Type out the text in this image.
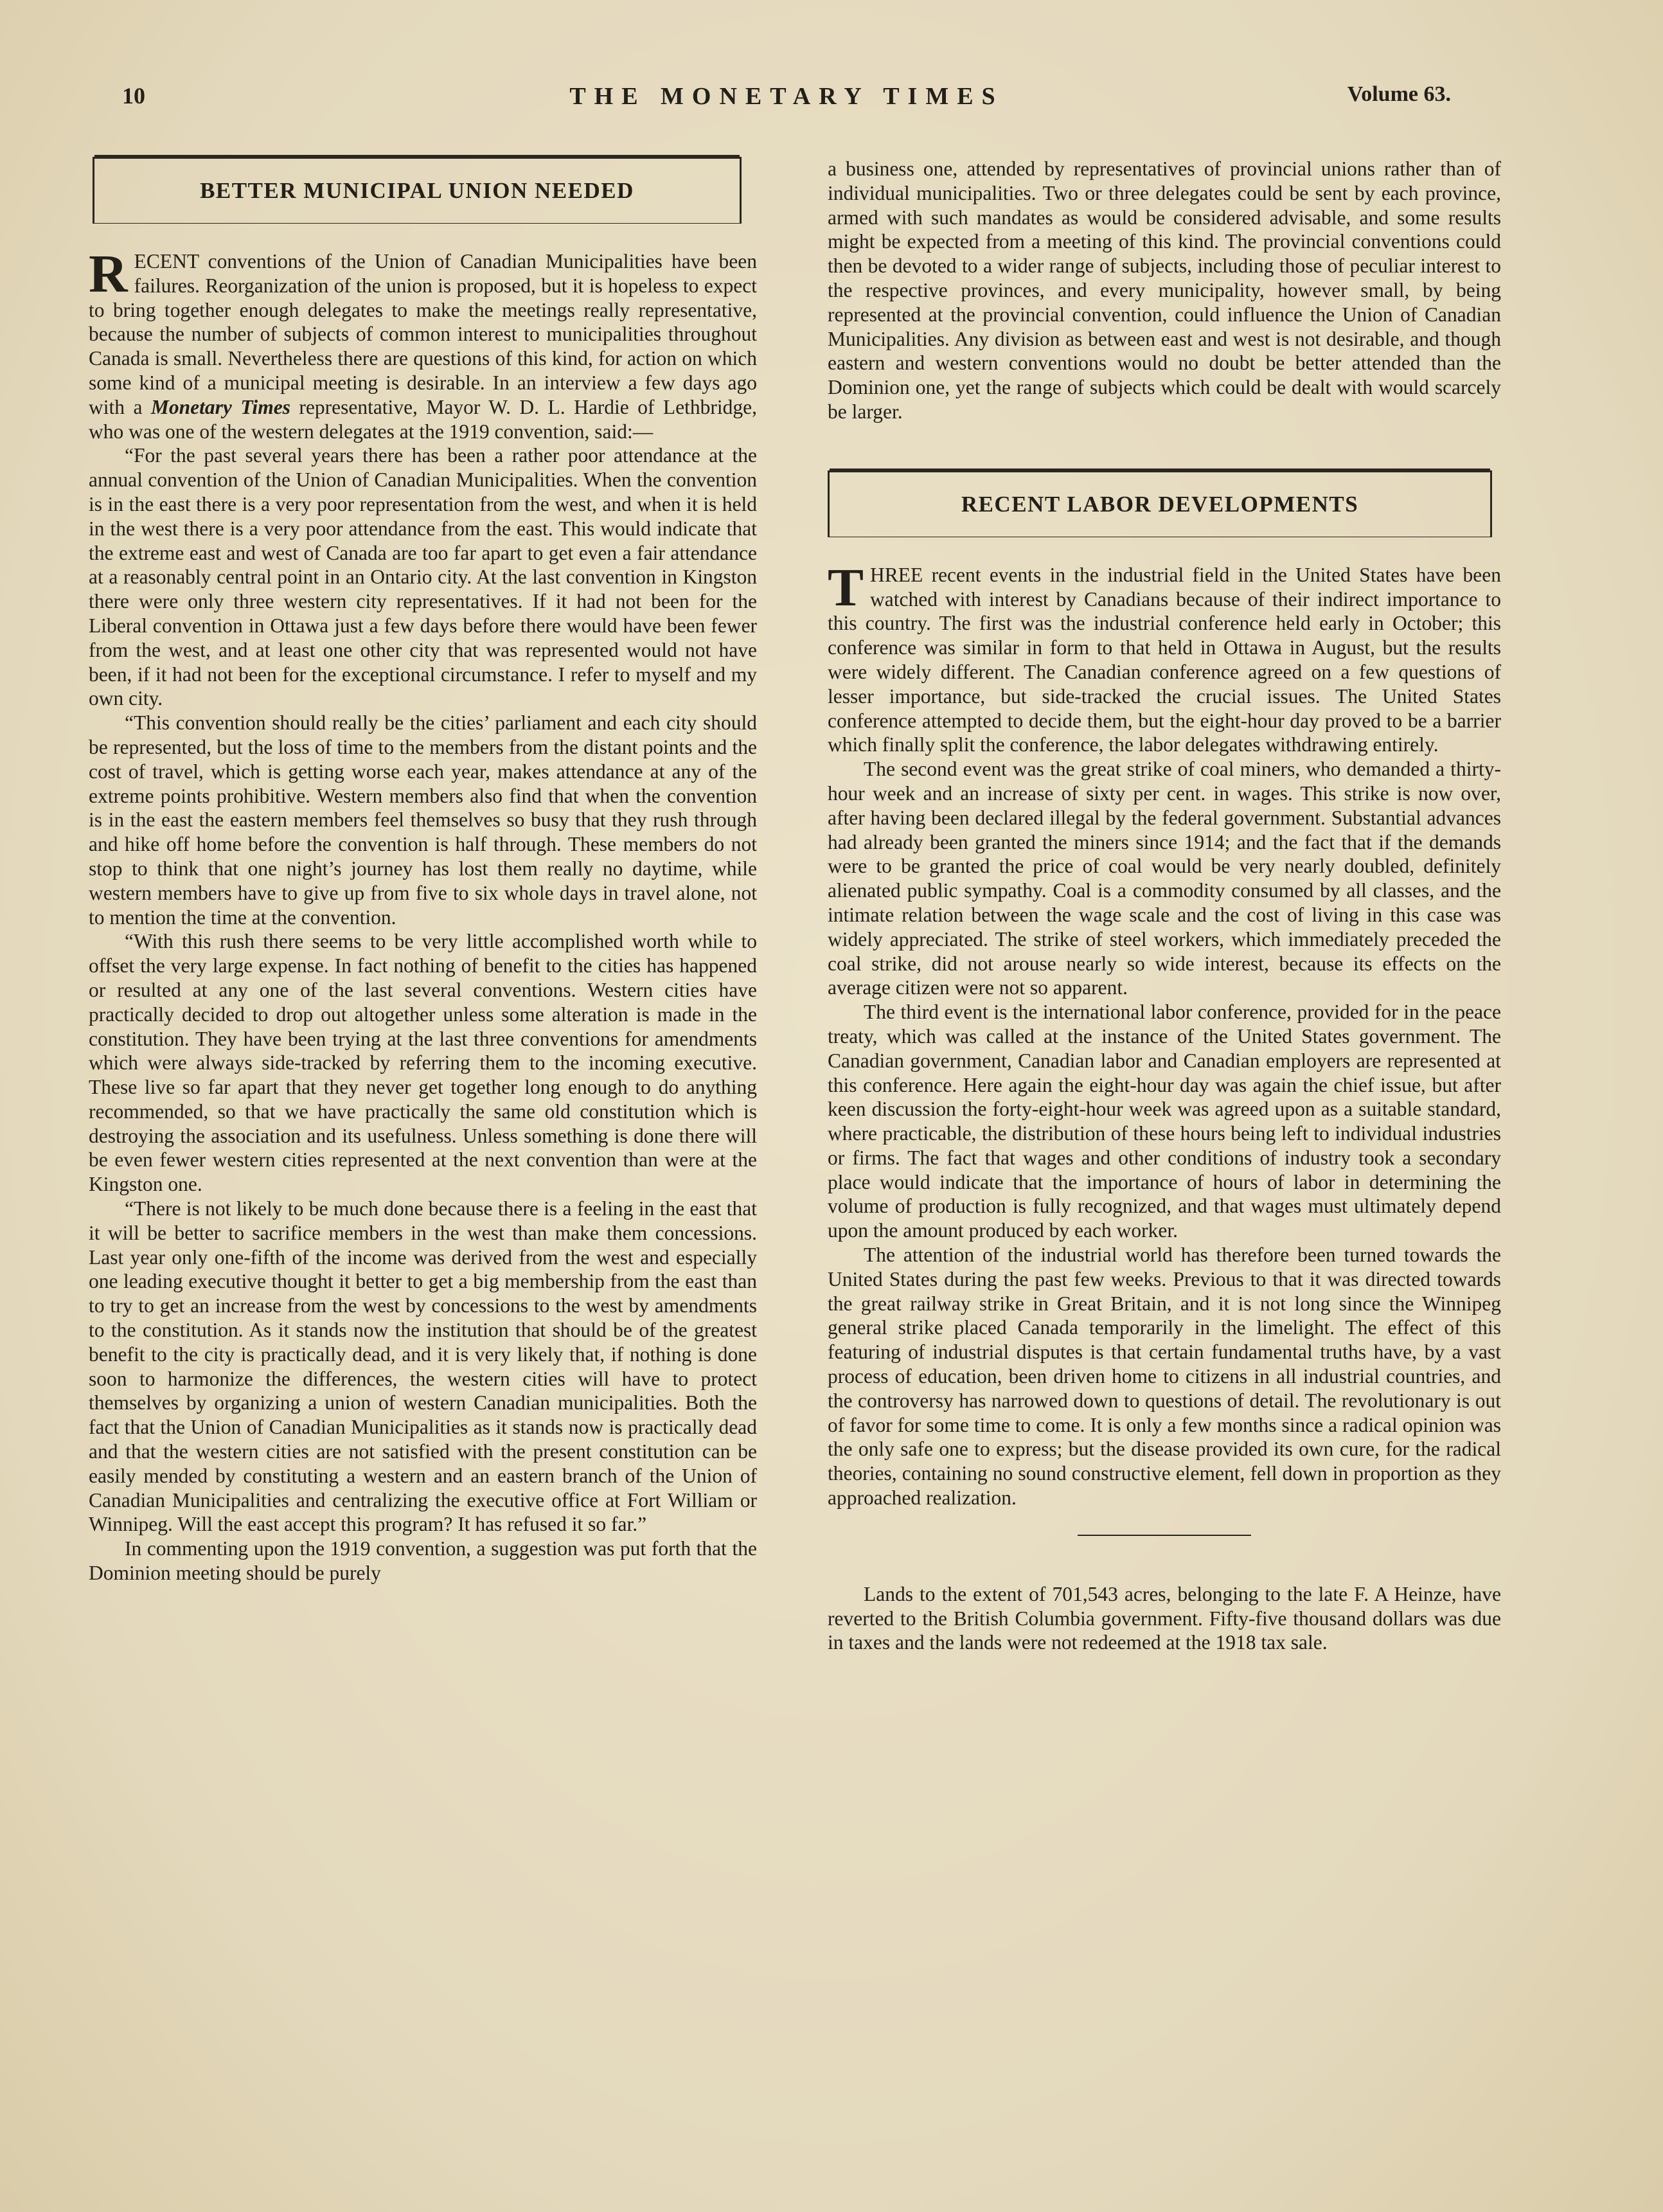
10	THE MONETARY TIMES	Volume 63.
BETTER MUNICIPAL UNION NEEDED

RECENT conventions of the Union of Canadian Municipalities have been failures. Reorganization of the union is proposed, but it is hopeless to expect to bring together enough delegates to make the meetings really representative, because the number of subjects of common interest to municipalities throughout Canada is small. Nevertheless there are questions of this kind, for action on which some kind of a municipal meeting is desirable. In an interview a few days ago with a Monetary Times representative, Mayor W. D. L. Hardie of Lethbridge, who was one of the western delegates at the 1919 convention, said:—

“For the past several years there has been a rather poor attendance at the annual convention of the Union of Canadian Municipalities. When the convention is in the east there is a very poor representation from the west, and when it is held in the west there is a very poor attendance from the east. This would indicate that the extreme east and west of Canada are too far apart to get even a fair attendance at a reasonably central point in an Ontario city. At the last convention in Kingston there were only three western city representatives. If it had not been for the Liberal convention in Ottawa just a few days before there would have been fewer from the west, and at least one other city that was represented would not have been, if it had not been for the exceptional circumstance. I refer to myself and my own city.

“This convention should really be the cities’ parliament and each city should be represented, but the loss of time to the members from the distant points and the cost of travel, which is getting worse each year, makes attendance at any of the extreme points prohibitive. Western members also find that when the convention is in the east the eastern members feel themselves so busy that they rush through and hike off home before the convention is half through. These members do not stop to think that one night’s journey has lost them really no daytime, while western members have to give up from five to six whole days in travel alone, not to mention the time at the convention.

“With this rush there seems to be very little accomplished worth while to offset the very large expense. In fact nothing of benefit to the cities has happened or resulted at any one of the last several conventions. Western cities have practically decided to drop out altogether unless some alteration is made in the constitution. They have been trying at the last three conventions for amendments which were always side-tracked by referring them to the incoming executive. These live so far apart that they never get together long enough to do anything recommended, so that we have practically the same old constitution which is destroying the association and its usefulness. Unless something is done there will be even fewer western cities represented at the next convention than were at the Kingston one.

“There is not likely to be much done because there is a feeling in the east that it will be better to sacrifice members in the west than make them concessions. Last year only one-fifth of the income was derived from the west and especially one leading executive thought it better to get a big membership from the east than to try to get an increase from the west by concessions to the west by amendments to the constitution. As it stands now the institution that should be of the greatest benefit to the city is practically dead, and it is very likely that, if nothing is done soon to harmonize the differences, the western cities will have to protect themselves by organizing a union of western Canadian municipalities. Both the fact that the Union of Canadian Municipalities as it stands now is practically dead and that the western cities are not satisfied with the present constitution can be easily mended by constituting a western and an eastern branch of the Union of Canadian Municipalities and centralizing the executive office at Fort William or Winnipeg. Will the east accept this program? It has refused it so far.”

In commenting upon the 1919 convention, a suggestion was put forth that the Dominion meeting should be purely

a business one, attended by representatives of provincial unions rather than of individual municipalities. Two or three delegates could be sent by each province, armed with such mandates as would be considered advisable, and some results might be expected from a meeting of this kind. The provincial conventions could then be devoted to a wider range of subjects, including those of peculiar interest to the respective provinces, and every municipality, however small, by being represented at the provincial convention, could influence the Union of Canadian Municipalities. Any division as between east and west is not desirable, and though eastern and western conventions would no doubt be better attended than the Dominion one, yet the range of subjects which could be dealt with would scarcely be larger.

RECENT LABOR DEVELOPMENTS

THREE recent events in the industrial field in the United States have been watched with interest by Canadians because of their indirect importance to this country. The first was the industrial conference held early in October; this conference was similar in form to that held in Ottawa in August, but the results were widely different. The Canadian conference agreed on a few questions of lesser importance, but side-tracked the crucial issues. The United States conference attempted to decide them, but the eight-hour day proved to be a barrier which finally split the conference, the labor delegates withdrawing entirely.

The second event was the great strike of coal miners, who demanded a thirty-hour week and an increase of sixty per cent. in wages. This strike is now over, after having been declared illegal by the federal government. Substantial advances had already been granted the miners since 1914; and the fact that if the demands were to be granted the price of coal would be very nearly doubled, definitely alienated public sympathy. Coal is a commodity consumed by all classes, and the intimate relation between the wage scale and the cost of living in this case was widely appreciated. The strike of steel workers, which immediately preceded the coal strike, did not arouse nearly so wide interest, because its effects on the average citizen were not so apparent.

The third event is the international labor conference, provided for in the peace treaty, which was called at the instance of the United States government. The Canadian government, Canadian labor and Canadian employers are represented at this conference. Here again the eight-hour day was again the chief issue, but after keen discussion the forty-eight-hour week was agreed upon as a suitable standard, where practicable, the distribution of these hours being left to individual industries or firms. The fact that wages and other conditions of industry took a secondary place would indicate that the importance of hours of labor in determining the volume of production is fully recognized, and that wages must ultimately depend upon the amount produced by each worker.

The attention of the industrial world has therefore been turned towards the United States during the past few weeks. Previous to that it was directed towards the great railway strike in Great Britain, and it is not long since the Winnipeg general strike placed Canada temporarily in the limelight. The effect of this featuring of industrial disputes is that certain fundamental truths have, by a vast process of education, been driven home to citizens in all industrial countries, and the controversy has narrowed down to questions of detail. The revolutionary is out of favor for some time to come. It is only a few months since a radical opinion was the only safe one to express; but the disease provided its own cure, for the radical theories, containing no sound constructive element, fell down in proportion as they approached realization.

Lands to the extent of 701,543 acres, belonging to the late F. A Heinze, have reverted to the British Columbia government. Fifty-five thousand dollars was due in taxes and the lands were not redeemed at the 1918 tax sale.
